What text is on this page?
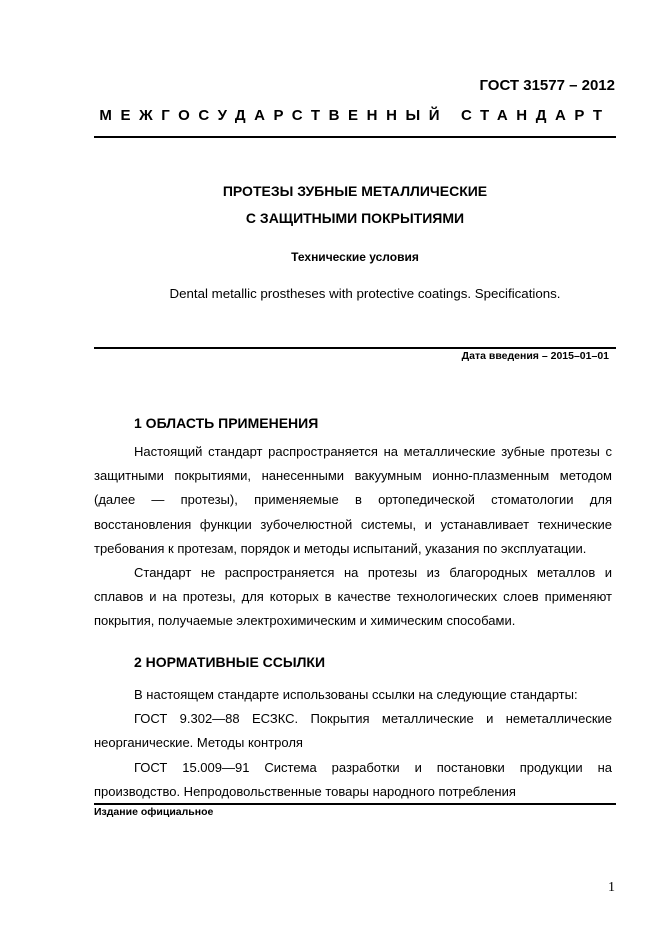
ГОСТ 31577 – 2012
МЕЖГОСУДАРСТВЕННЫЙ СТАНДАРТ
ПРОТЕЗЫ ЗУБНЫЕ МЕТАЛЛИЧЕСКИЕ
С ЗАЩИТНЫМИ ПОКРЫТИЯМИ
Технические условия
Dental metallic prostheses with protective coatings. Specifications.
Дата введения – 2015–01–01
1 ОБЛАСТЬ ПРИМЕНЕНИЯ

Настоящий стандарт распространяется на металлические зубные протезы с защитными покрытиями, нанесенными вакуумным ионно-плазменным методом (далее — протезы), применяемые в ортопедической стоматологии для восстановления функции зубочелюстной системы, и устанавливает технические требования к протезам, порядок и методы испытаний, указания по эксплуатации.

Стандарт не распространяется на протезы из благородных металлов и сплавов и на протезы, для которых в качестве технологических слоев применяют покрытия, получаемые электрохимическим и химическим способами.

2 НОРМАТИВНЫЕ ССЫЛКИ

В настоящем стандарте использованы ссылки на следующие стандарты:

ГОСТ 9.302—88 ЕСЗКС. Покрытия металлические и неметаллические неорганические. Методы контроля

ГОСТ 15.009—91 Система разработки и постановки продукции на производство. Непродовольственные товары народного потребления

Издание официальное
1
